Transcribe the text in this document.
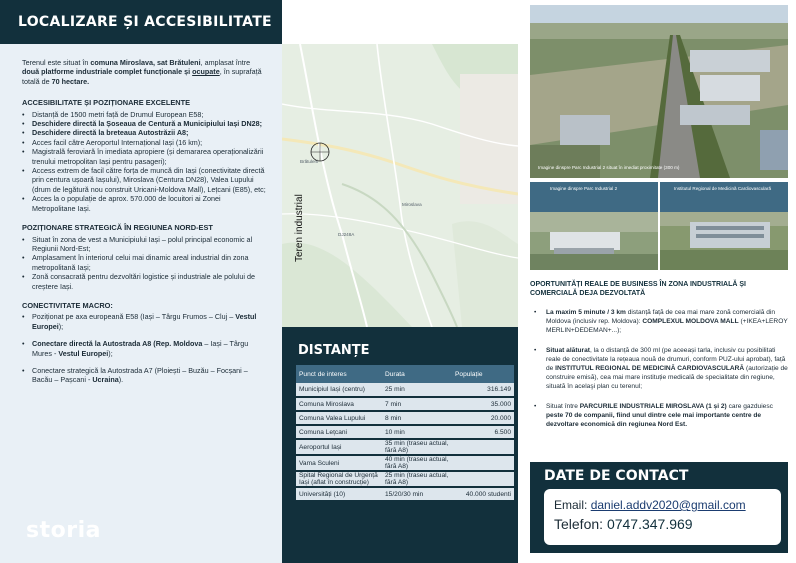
LOCALIZARE ȘI ACCESIBILITATE

Terenul este situat în comuna Miroslava, sat Brătuleni, amplasat între două platforme industriale complet funcționale și ocupate, în suprafață totală de 70 hectare.

ACCESIBILITATE ȘI POZIȚIONARE EXCELENTE
• Distanță de 1500 metri față de Drumul European E58;
• Deschidere directă la Șoseaua de Centură a Municipiului Iași DN28;
• Deschidere directă la breteaua Autostrăzii A8;
• Acces facil către Aeroportul Internațional Iași (16 km);
• Magistrală feroviară în imediata apropiere (și demararea operaționalizării trenului metropolitan Iași pentru pasageri);
• Access extrem de facil către forța de muncă din Iași (conectivitate directă prin centura ușoară Iașului), Miroslava (Centura DN28), Valea Lupului (drum de legătură nou construit Uricani-Moldova Mall), Lețcani (E85), etc;
• Acces la o populație de aprox. 570.000 de locuitori ai Zonei Metropolitane Iași.
POZIȚIONARE STRATEGICĂ ÎN REGIUNEA NORD-EST
• Situat în zona de vest a Municipiului Iași – polul principal economic al Regiunii Nord-Est;
• Amplasament în interiorul celui mai dinamic areal industrial din zona metropolitană Iași;
• Zonă consacrată pentru dezvoltări logistice și industriale ale polului de creștere Iași.
CONECTIVITATE MACRO:
• Poziționat pe axa europeană E58 (Iași – Târgu Frumos – Cluj – Vestul Europei);
• Conectare directă la Autostrada A8 (Rep. Moldova – Iași – Târgu Mures - Vestul Europei);
• Conectare strategică la Autostrada A7 (Ploiești – Buzău – Focșani – Bacău – Pașcani - Ucraina).
storia
Teren industrial
Brătuleni
Miroslava
DJ248A
DISTANȚE
Punct de interes	Durata	Populație
Municipiul Iași (centru)	25 min	316.149
Comuna Miroslava	7 min	35.000
Comuna Valea Lupului	8 min	20.000
Comuna Lețcani	10 min	6.500
Aeroportul Iași	35 min (traseu actual, fără A8)	
Vama Sculeni	40 min (traseu actual, fără A8)	
Spital Regional de Urgență Iași (aflat în construcție)	25 min (traseu actual, fără A8)	
Universități (10)	15/20/30 min	40.000 studenti
Imagine dinspre Parc Industrial 2 situat în imediat proximitate (300 m)
Imagine dinspre Parc Industrial 2	Institutul Regional de Medicină Cardiovasculară
OPORTUNITĂȚI REALE DE BUSINESS ÎN ZONA INDUSTRIALĂ ȘI COMERCIALĂ DEJA DEZVOLTATĂ
• La maxim 5 minute / 3 km distanță față de cea mai mare zonă comercială din Moldova (inclusiv rep. Moldova): COMPLEXUL MOLDOVA MALL (+IKEA+LEROY MERLIN+DEDEMAN+...);
• Situat alăturat, la o distanță de 300 ml (pe aceeași tarla, inclusiv cu posibilitati reale de conectivitate la rețeaua nouă de drumuri, conform PUZ-ului aprobat), față de INSTITUTUL REGIONAL DE MEDICINĂ CARDIOVASCULARĂ (autorizație de construire emisă), cea mai mare instituție medicală de specialitate din regiune, situată în acelaşi plan cu terenul;
• Situat între PARCURILE INDUSTRIALE MIROSLAVA (1 și 2) care gazduiesc peste 70 de companii, fiind unul dintre cele mai importante centre de dezvoltare economică din regiunea Nord Est.
DATE DE CONTACT
Email: daniel.addv2020@gmail.com
Telefon: 0747.347.969
